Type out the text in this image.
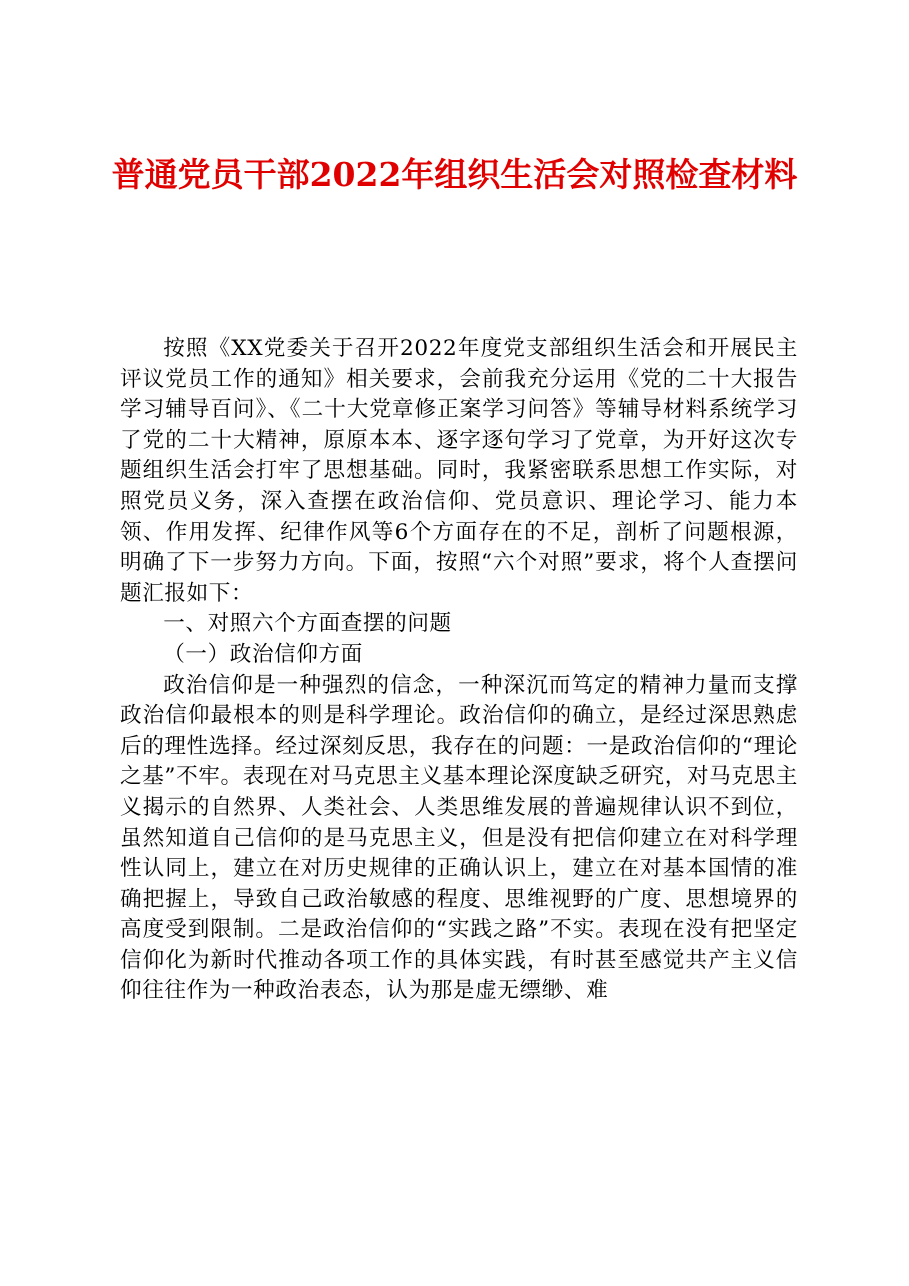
普通党员干部2022年组织生活会对照检查材料

按照《XX党委关于召开2022年度党支部组织生活会和开展民主评议党员工作的通知》相关要求，会前我充分运用《党的二十大报告学习辅导百问》、《二十大党章修正案学习问答》等辅导材料系统学习了党的二十大精神，原原本本、逐字逐句学习了党章，为开好这次专题组织生活会打牢了思想基础。同时，我紧密联系思想工作实际，对照党员义务，深入查摆在政治信仰、党员意识、理论学习、能力本领、作用发挥、纪律作风等6个方面存在的不足，剖析了问题根源，明确了下一步努力方向。下面，按照“六个对照”要求，将个人查摆问题汇报如下：

一、对照六个方面查摆的问题

（一）政治信仰方面

政治信仰是一种强烈的信念，一种深沉而笃定的精神力量而支撑政治信仰最根本的则是科学理论。政治信仰的确立，是经过深思熟虑后的理性选择。经过深刻反思，我存在的问题：一是政治信仰的“理论之基”不牢。表现在对马克思主义基本理论深度缺乏研究，对马克思主义揭示的自然界、人类社会、人类思维发展的普遍规律认识不到位，虽然知道自己信仰的是马克思主义，但是没有把信仰建立在对科学理性认同上，建立在对历史规律的正确认识上，建立在对基本国情的准确把握上，导致自己政治敏感的程度、思维视野的广度、思想境界的高度受到限制。二是政治信仰的“实践之路”不实。表现在没有把坚定信仰化为新时代推动各项工作的具体实践，有时甚至感觉共产主义信仰往往作为一种政治表态，认为那是虚无缥缈、难
